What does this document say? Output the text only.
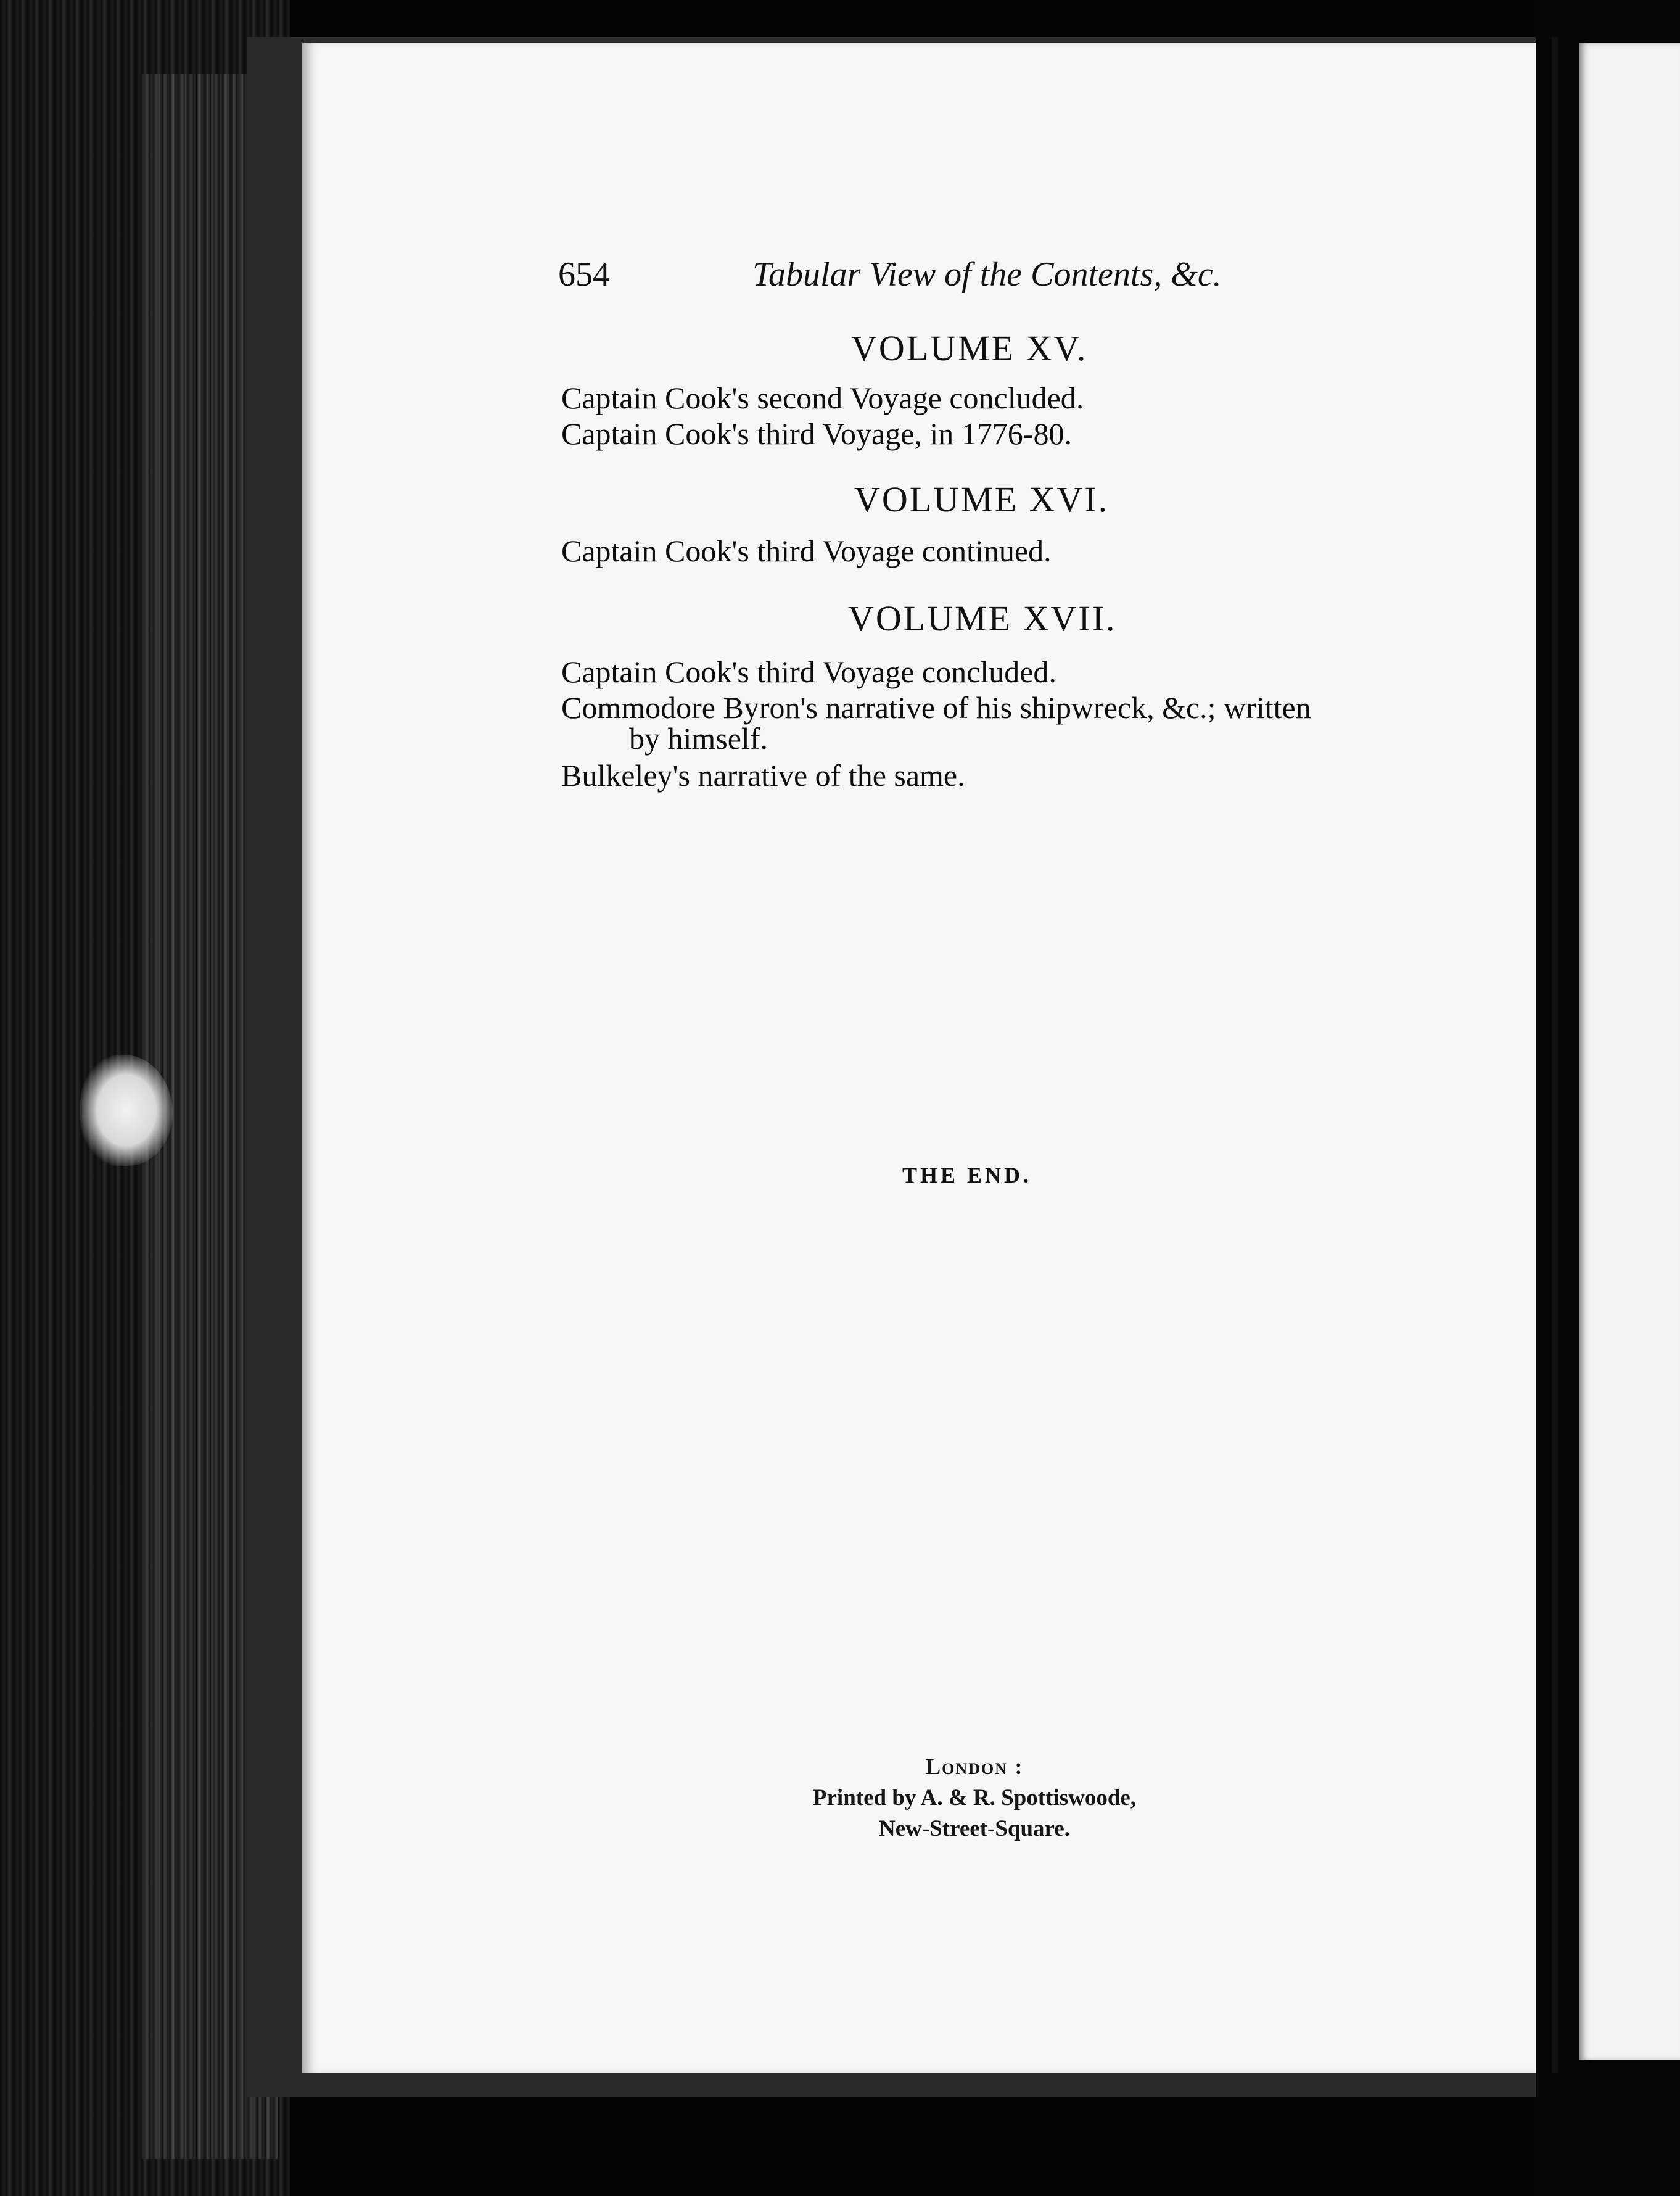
654	Tabular View of the Contents, &c.
VOLUME XV.
Captain Cook's second Voyage concluded.
Captain Cook's third Voyage, in 1776-80.
VOLUME XVI.
Captain Cook's third Voyage continued.
VOLUME XVII.
Captain Cook's third Voyage concluded.
Commodore Byron's narrative of his shipwreck, &c.; written
by himself.
Bulkeley's narrative of the same.
THE END.
London :
Printed by A. & R. Spottiswoode,
New-Street-Square.
